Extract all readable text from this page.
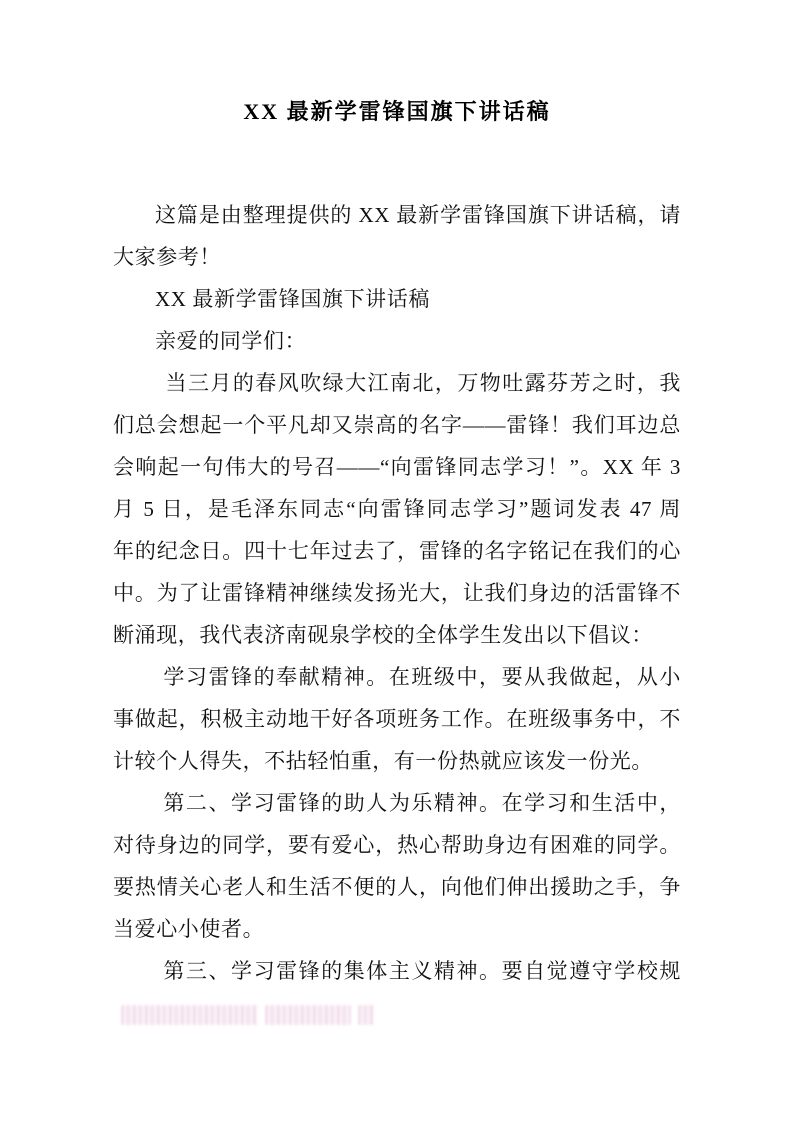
XX 最新学雷锋国旗下讲话稿
这篇是由整理提供的 XX 最新学雷锋国旗下讲话稿，请
大家参考！
XX 最新学雷锋国旗下讲话稿
亲爱的同学们：
当三月的春风吹绿大江南北，万物吐露芬芳之时，我
们总会想起一个平凡却又崇高的名字——雷锋！我们耳边总
会响起一句伟大的号召——“向雷锋同志学习！”。XX 年 3
月 5 日，是毛泽东同志“向雷锋同志学习”题词发表 47 周
年的纪念日。四十七年过去了，雷锋的名字铭记在我们的心
中。为了让雷锋精神继续发扬光大，让我们身边的活雷锋不
断涌现，我代表济南砚泉学校的全体学生发出以下倡议：
学习雷锋的奉献精神。在班级中，要从我做起，从小
事做起，积极主动地干好各项班务工作。在班级事务中，不
计较个人得失，不拈轻怕重，有一份热就应该发一份光。
第二、学习雷锋的助人为乐精神。在学习和生活中，
对待身边的同学，要有爱心，热心帮助身边有困难的同学。
要热情关心老人和生活不便的人，向他们伸出援助之手，争
当爱心小使者。
第三、学习雷锋的集体主义精神。要自觉遵守学校规
